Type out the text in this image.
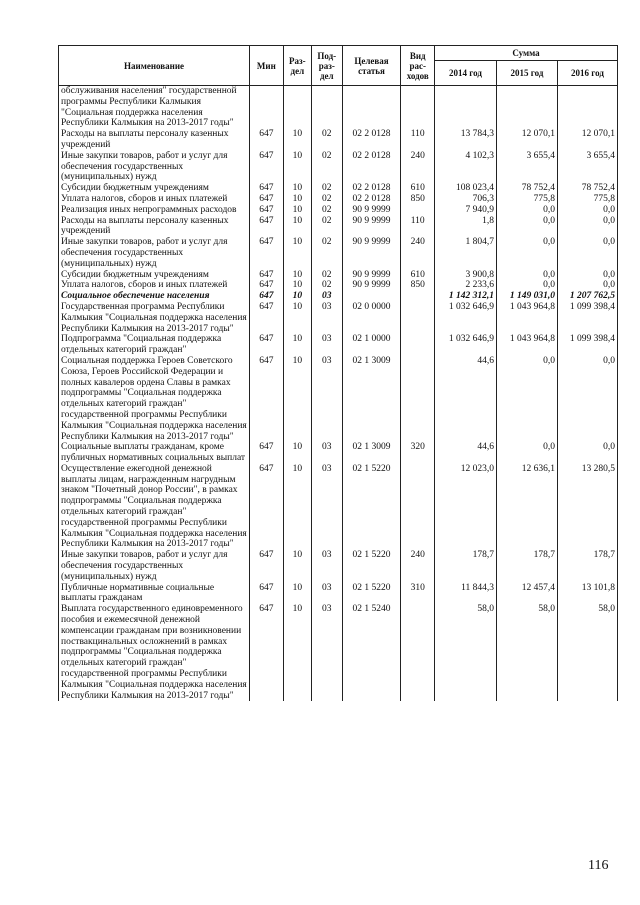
Наименование	Мин	Раз-дел	Под-раз-дел	Целевая статья	Вид рас-ходов	Сумма		
						2014 год	2015 год	2016 год
обслуживания населения" государственной программы Республики Калмыкия "Социальная поддержка населения Республики Калмыкия на 2013-2017 годы"								
Расходы на выплаты персоналу казенных учреждений	647	10	02	02 2 0128	110	13 784,3	12 070,1	12 070,1
Иные закупки товаров, работ и услуг для обеспечения государственных (муниципальных) нужд	647	10	02	02 2 0128	240	4 102,3	3 655,4	3 655,4
Субсидии бюджетным учреждениям	647	10	02	02 2 0128	610	108 023,4	78 752,4	78 752,4
Уплата налогов, сборов и иных платежей	647	10	02	02 2 0128	850	706,3	775,8	775,8
Реализация иных непрограммных расходов	647	10	02	90 9 9999		7 940,9	0,0	0,0
Расходы на выплаты персоналу казенных учреждений	647	10	02	90 9 9999	110	1,8	0,0	0,0
Иные закупки товаров, работ и услуг для обеспечения государственных (муниципальных) нужд	647	10	02	90 9 9999	240	1 804,7	0,0	0,0
Субсидии бюджетным учреждениям	647	10	02	90 9 9999	610	3 900,8	0,0	0,0
Уплата налогов, сборов и иных платежей	647	10	02	90 9 9999	850	2 233,6	0,0	0,0
Социальное обеспечение населения	647	10	03			1 142 312,1	1 149 031,0	1 207 762,5
Государственная программа Республики Калмыкия "Социальная поддержка населения Республики Калмыкия на 2013-2017 годы"	647	10	03	02 0 0000		1 032 646,9	1 043 964,8	1 099 398,4
Подпрограмма "Социальная поддержка отдельных категорий граждан"	647	10	03	02 1 0000		1 032 646,9	1 043 964,8	1 099 398,4
Социальная поддержка Героев Советского Союза, Героев Российской Федерации и полных кавалеров ордена Славы в рамках подпрограммы "Социальная поддержка отдельных категорий граждан" государственной программы Республики Калмыкия "Социальная поддержка населения Республики Калмыкия на 2013-2017 годы"	647	10	03	02 1 3009		44,6	0,0	0,0
Социальные выплаты гражданам, кроме публичных нормативных социальных выплат	647	10	03	02 1 3009	320	44,6	0,0	0,0
Осуществление ежегодной денежной выплаты лицам, награжденным нагрудным знаком "Почетный донор России", в рамках подпрограммы "Социальная поддержка отдельных категорий граждан" государственной программы Республики Калмыкия "Социальная поддержка населения Республики Калмыкия на 2013-2017 годы"	647	10	03	02 1 5220		12 023,0	12 636,1	13 280,5
Иные закупки товаров, работ и услуг для обеспечения государственных (муниципальных) нужд	647	10	03	02 1 5220	240	178,7	178,7	178,7
Публичные нормативные социальные выплаты гражданам	647	10	03	02 1 5220	310	11 844,3	12 457,4	13 101,8
Выплата государственного единовременного пособия и ежемесячной денежной компенсации гражданам при возникновении поствакцинальных осложнений в рамках подпрограммы "Социальная поддержка отдельных категорий граждан" государственной программы Республики Калмыкия "Социальная поддержка населения Республики Калмыкия на 2013-2017 годы"	647	10	03	02 1 5240		58,0	58,0	58,0
116
